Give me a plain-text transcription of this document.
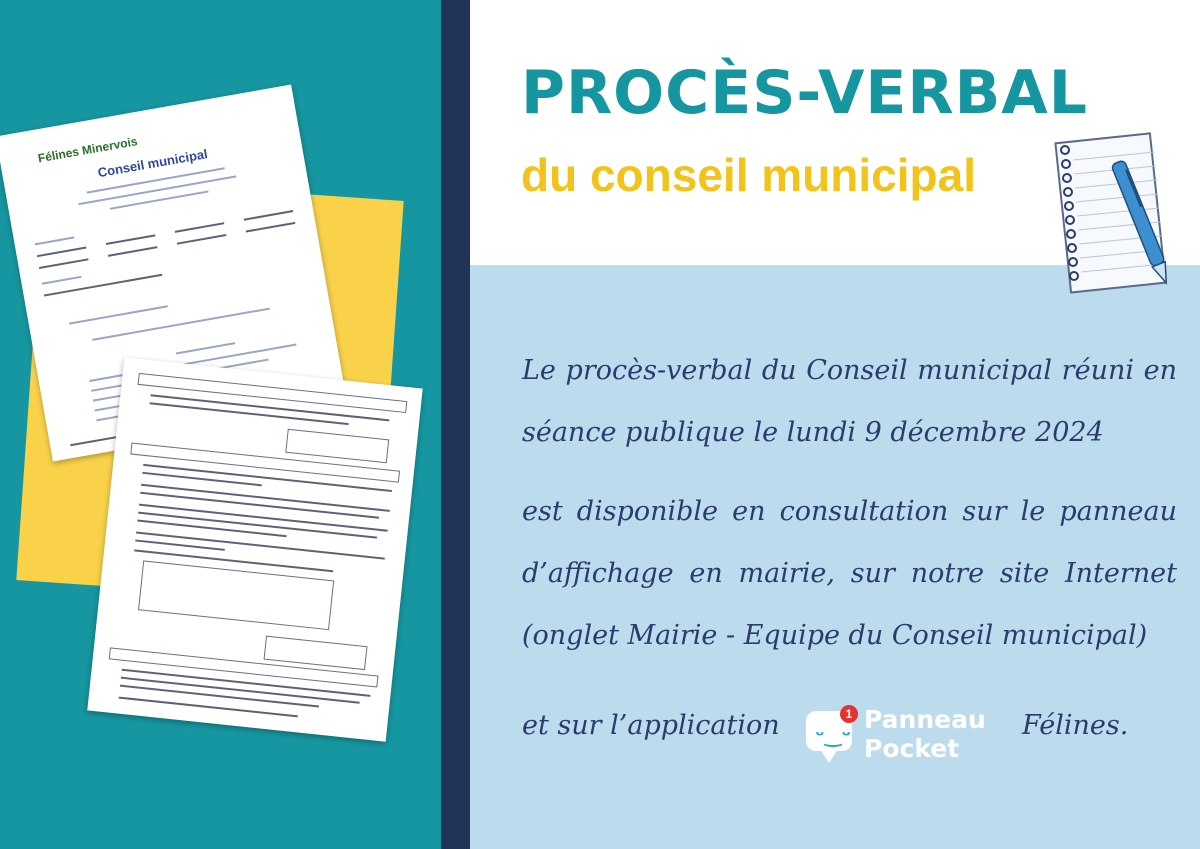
Félines Minervois
Conseil municipal
PROCÈS-VERBAL
du conseil municipal
Le procès-verbal du Conseil municipal réuni en séance publique le lundi 9 décembre 2024
est disponible en consultation sur le panneau d’affichage en mairie, sur notre site Internet (onglet Mairie - Equipe du Conseil municipal)
et sur l’application ᵕ‿ᵕ
1 Panneau
Pocket
Félines.
